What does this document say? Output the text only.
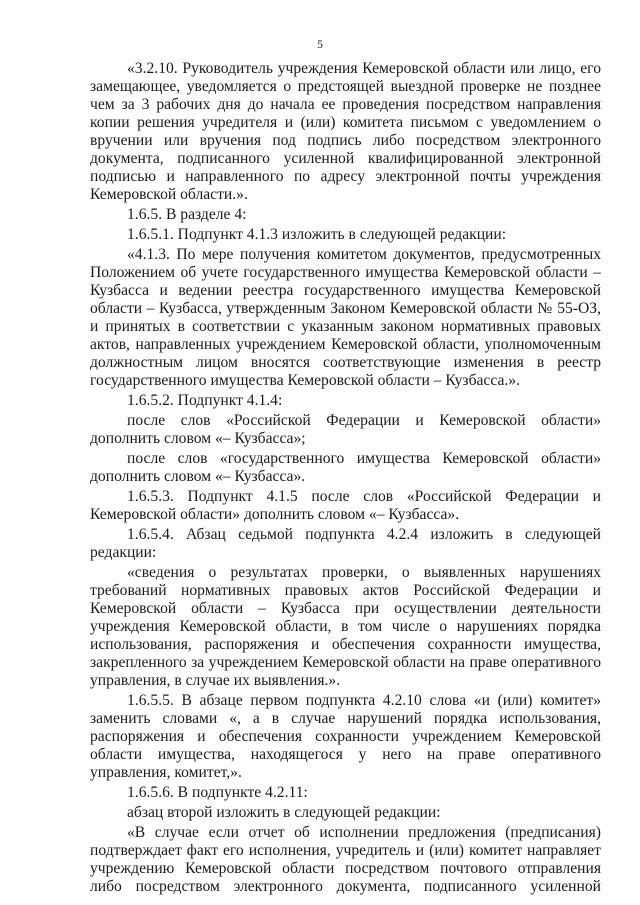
5

«3.2.10. Руководитель учреждения Кемеровской области или лицо, его замещающее, уведомляется о предстоящей выездной проверке не позднее чем за 3 рабочих дня до начала ее проведения посредством направления копии решения учредителя и (или) комитета письмом с уведомлением о вручении или вручения под подпись либо посредством электронного документа, подписанного усиленной квалифицированной электронной подписью и направленного по адресу электронной почты учреждения Кемеровской области.».

1.6.5. В разделе 4:

1.6.5.1. Подпункт 4.1.3 изложить в следующей редакции:

«4.1.3. По мере получения комитетом документов, предусмотренных Положением об учете государственного имущества Кемеровской области – Кузбасса и ведении реестра государственного имущества Кемеровской области – Кузбасса, утвержденным Законом Кемеровской области № 55-ОЗ, и принятых в соответствии с указанным законом нормативных правовых актов, направленных учреждением Кемеровской области, уполномоченным должностным лицом вносятся соответствующие изменения в реестр государственного имущества Кемеровской области – Кузбасса.».

1.6.5.2. Подпункт 4.1.4:

после слов «Российской Федерации и Кемеровской области» дополнить словом «– Кузбасса»;

после слов «государственного имущества Кемеровской области» дополнить словом «– Кузбасса».

1.6.5.3. Подпункт 4.1.5 после слов «Российской Федерации и Кемеровской области» дополнить словом «– Кузбасса».

1.6.5.4. Абзац седьмой подпункта 4.2.4 изложить в следующей редакции:

«сведения о результатах проверки, о выявленных нарушениях требований нормативных правовых актов Российской Федерации и Кемеровской области – Кузбасса при осуществлении деятельности учреждения Кемеровской области, в том числе о нарушениях порядка использования, распоряжения и обеспечения сохранности имущества, закрепленного за учреждением Кемеровской области на праве оперативного управления, в случае их выявления.».

1.6.5.5. В абзаце первом подпункта 4.2.10 слова «и (или) комитет» заменить словами «, а в случае нарушений порядка использования, распоряжения и обеспечения сохранности учреждением Кемеровской области имущества, находящегося у него на праве оперативного управления, комитет,».

1.6.5.6. В подпункте 4.2.11:

абзац второй изложить в следующей редакции:

«В случае если отчет об исполнении предложения (предписания) подтверждает факт его исполнения, учредитель и (или) комитет направляет учреждению Кемеровской области посредством почтового отправления либо посредством электронного документа, подписанного усиленной
